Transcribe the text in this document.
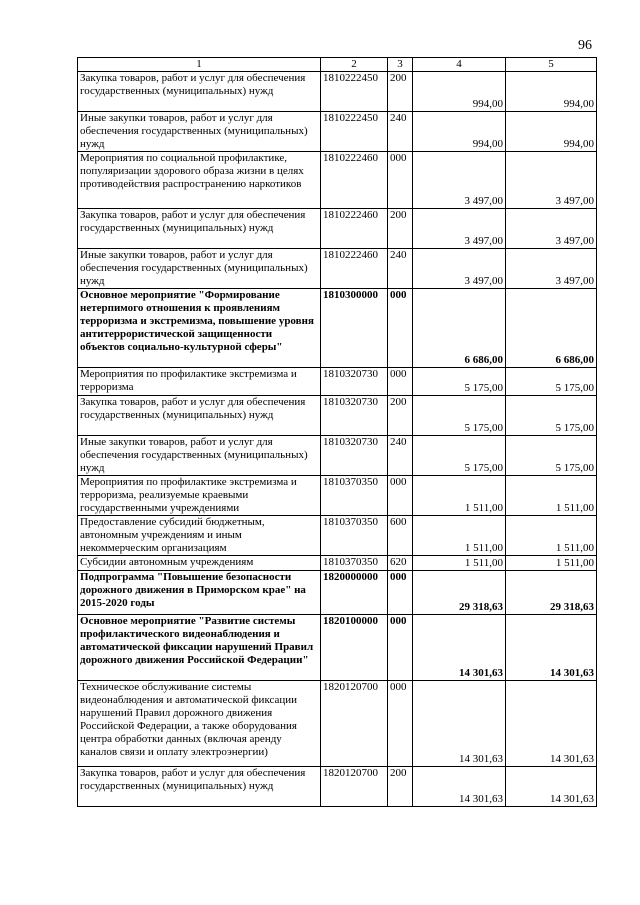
96
1	2	3	4	5
Закупка товаров, работ и услуг для обеспечения государственных (муниципальных) нужд	1810222450	200	994,00	994,00
Иные закупки товаров, работ и услуг для обеспечения государственных (муниципальных) нужд	1810222450	240	994,00	994,00
Мероприятия по социальной профилактике, популяризации здорового образа жизни в целях противодействия распространению наркотиков	1810222460	000	3 497,00	3 497,00
Закупка товаров, работ и услуг для обеспечения государственных (муниципальных) нужд	1810222460	200	3 497,00	3 497,00
Иные закупки товаров, работ и услуг для обеспечения государственных (муниципальных) нужд	1810222460	240	3 497,00	3 497,00
Основное мероприятие "Формирование нетерпимого отношения к проявлениям терроризма и экстремизма, повышение уровня антитеррористической защищенности объектов социально-культурной сферы"	1810300000	000	6 686,00	6 686,00
Мероприятия по профилактике экстремизма и терроризма	1810320730	000	5 175,00	5 175,00
Закупка товаров, работ и услуг для обеспечения государственных (муниципальных) нужд	1810320730	200	5 175,00	5 175,00
Иные закупки товаров, работ и услуг для обеспечения государственных (муниципальных) нужд	1810320730	240	5 175,00	5 175,00
Мероприятия по профилактике экстремизма и терроризма, реализуемые краевыми государственными учреждениями	1810370350	000	1 511,00	1 511,00
Предоставление субсидий бюджетным, автономным учреждениям и иным некоммерческим организациям	1810370350	600	1 511,00	1 511,00
Субсидии автономным учреждениям	1810370350	620	1 511,00	1 511,00
Подпрограмма "Повышение безопасности дорожного движения в Приморском крае" на 2015-2020 годы	1820000000	000	29 318,63	29 318,63
Основное мероприятие "Развитие системы профилактического видеонаблюдения и автоматической фиксации нарушений Правил дорожного движения Российской Федерации"	1820100000	000	14 301,63	14 301,63
Техническое обслуживание системы видеонаблюдения и автоматической фиксации нарушений Правил дорожного движения Российской Федерации, а также оборудования центра обработки данных (включая аренду каналов связи и оплату электроэнергии)	1820120700	000	14 301,63	14 301,63
Закупка товаров, работ и услуг для обеспечения государственных (муниципальных) нужд	1820120700	200	14 301,63	14 301,63
